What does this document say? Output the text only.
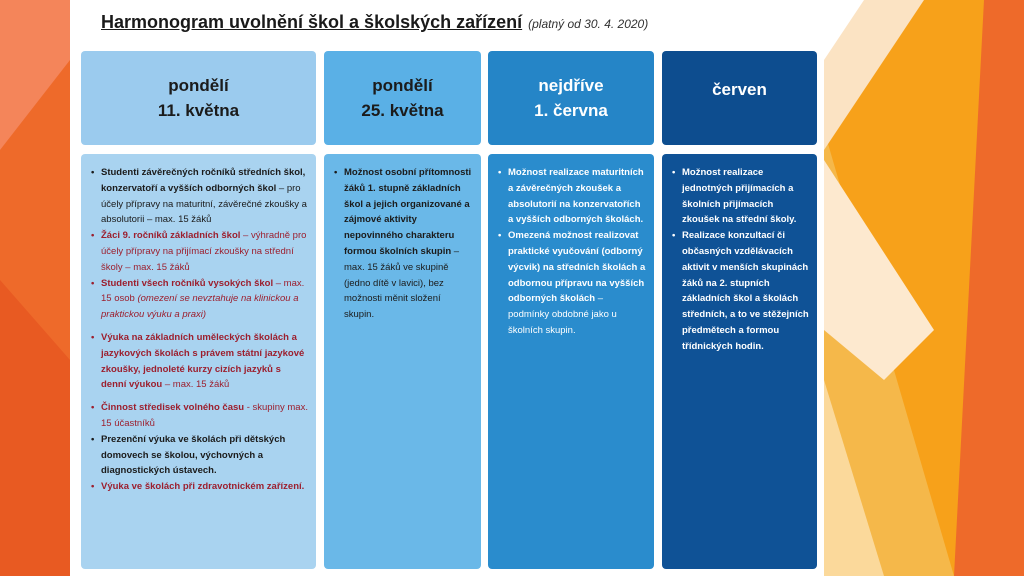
Harmonogram uvolnění škol a školských zařízení (platný od 30. 4. 2020)
pondělí
11. května
• Studenti závěrečných ročníků středních škol, konzervatoří a vyšších odborných škol – pro účely přípravy na maturitní, závěrečné zkoušky a absolutorii – max. 15 žáků
• Žáci 9. ročníků základních škol – výhradně pro účely přípravy na přijímací zkoušky na střední školy – max. 15 žáků
• Studenti všech ročníků vysokých škol – max. 15 osob (omezení se nevztahuje na klinickou a praktickou výuku a praxi)
• Výuka na základních uměleckých školách a jazykových školách s právem státní jazykové zkoušky, jednoleté kurzy cizích jazyků s denní výukou – max. 15 žáků
• Činnost středisek volného času - skupiny max. 15 účastníků
• Prezenční výuka ve školách při dětských domovech se školou, výchovných a diagnostických ústavech.
• Výuka ve školách při zdravotnickém zařízení.
pondělí
25. května
• Možnost osobní přítomnosti žáků 1. stupně základních škol a jejich organizované a zájmové aktivity nepovinného charakteru formou školních skupin – max. 15 žáků ve skupině (jedno dítě v lavici), bez možnosti měnit složení skupin.
nejdříve
1. června
• Možnost realizace maturitních a závěrečných zkoušek a absolutorií na konzervatořích a vyšších odborných školách.
• Omezená možnost realizovat praktické vyučování (odborný výcvik) na středních školách a odbornou přípravu na vyšších odborných školách – podmínky obdobné jako u školních skupin.
červen
• Možnost realizace jednotných přijímacích a školních přijímacích zkoušek na střední školy.
• Realizace konzultací či občasných vzdělávacích aktivit v menších skupinách žáků na 2. stupních základních škol a školách středních, a to ve stěžejních předmětech a formou třídnických hodin.
